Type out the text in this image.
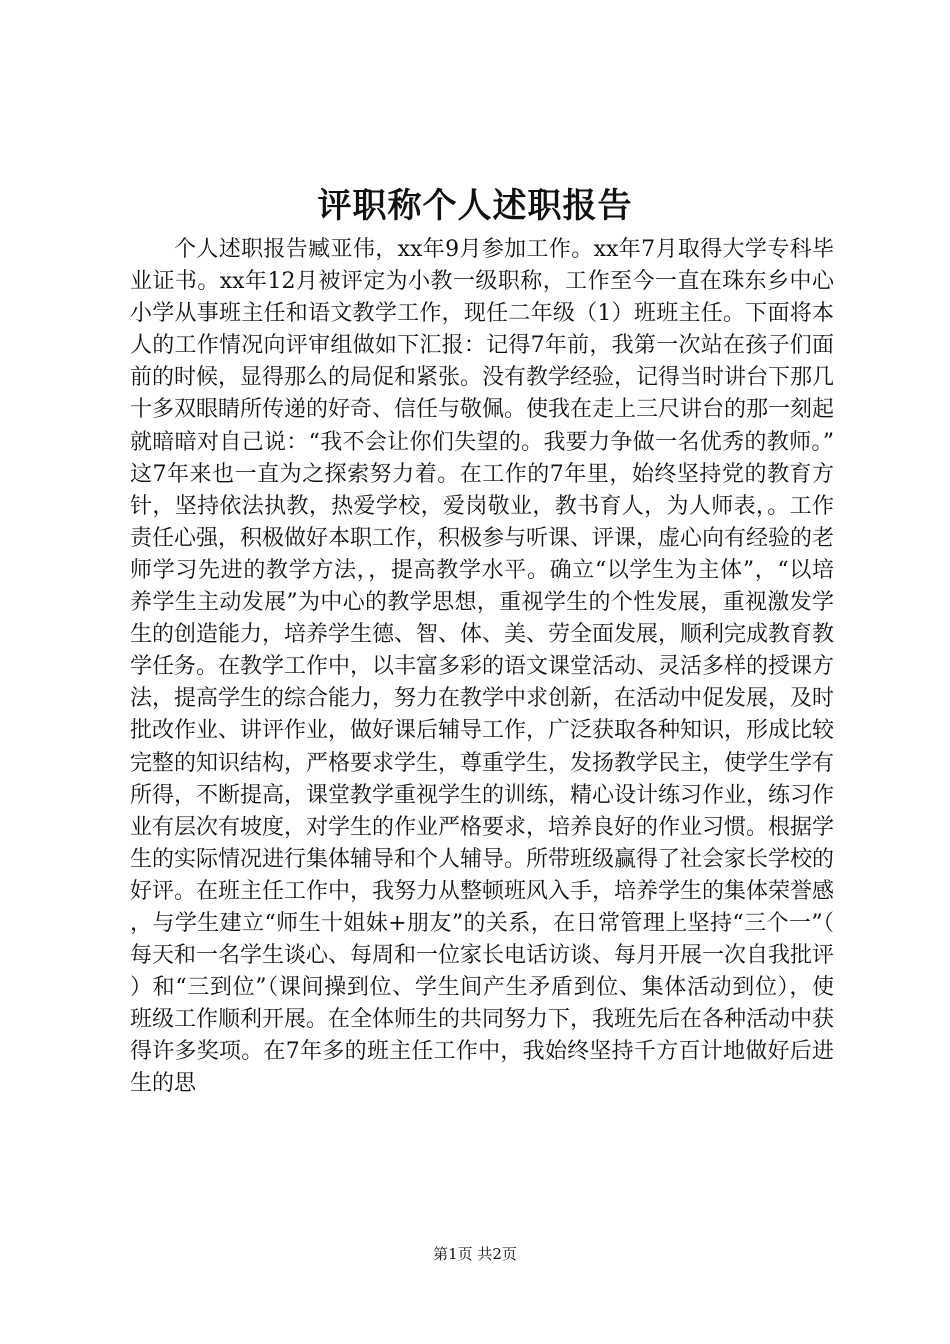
评职称个人述职报告

个人述职报告臧亚伟，xx年9月参加工作。xx年7月取得大学专科毕业证书。xx年12月被评定为小教一级职称，工作至今一直在珠东乡中心小学从事班主任和语文教学工作，现任二年级（1）班班主任。下面将本人的工作情况向评审组做如下汇报：记得7年前，我第一次站在孩子们面前的时候，显得那么的局促和紧张。没有教学经验，记得当时讲台下那几十多双眼睛所传递的好奇、信任与敬佩。使我在走上三尺讲台的那一刻起就暗暗对自己说：“我不会让你们失望的。我要力争做一名优秀的教师。”这7年来也一直为之探索努力着。在工作的7年里，始终坚持党的教育方针，坚持依法执教，热爱学校，爱岗敬业，教书育人，为人师表，。工作责任心强，积极做好本职工作，积极参与听课、评课，虚心向有经验的老师学习先进的教学方法，，提高教学水平。确立“以学生为主体”，“以培养学生主动发展”为中心的教学思想，重视学生的个性发展，重视激发学生的创造能力，培养学生德、智、体、美、劳全面发展，顺利完成教育教学任务。在教学工作中，以丰富多彩的语文课堂活动、灵活多样的授课方法，提高学生的综合能力，努力在教学中求创新，在活动中促发展，及时批改作业、讲评作业，做好课后辅导工作，广泛获取各种知识，形成比较完整的知识结构，严格要求学生，尊重学生，发扬教学民主，使学生学有所得，不断提高，课堂教学重视学生的训练，精心设计练习作业，练习作业有层次有坡度，对学生的作业严格要求，培养良好的作业习惯。根据学生的实际情况进行集体辅导和个人辅导。所带班级赢得了社会家长学校的好评。在班主任工作中，我努力从整顿班风入手，培养学生的集体荣誉感，与学生建立“师生十姐妹+朋友”的关系，在日常管理上坚持“三个一”（每天和一名学生谈心、每周和一位家长电话访谈、每月开展一次自我批评）和“三到位”（课间操到位、学生间产生矛盾到位、集体活动到位），使班级工作顺利开展。在全体师生的共同努力下，我班先后在各种活动中获得许多奖项。在7年多的班主任工作中，我始终坚持千方百计地做好后进生的思

第1页 共2页
